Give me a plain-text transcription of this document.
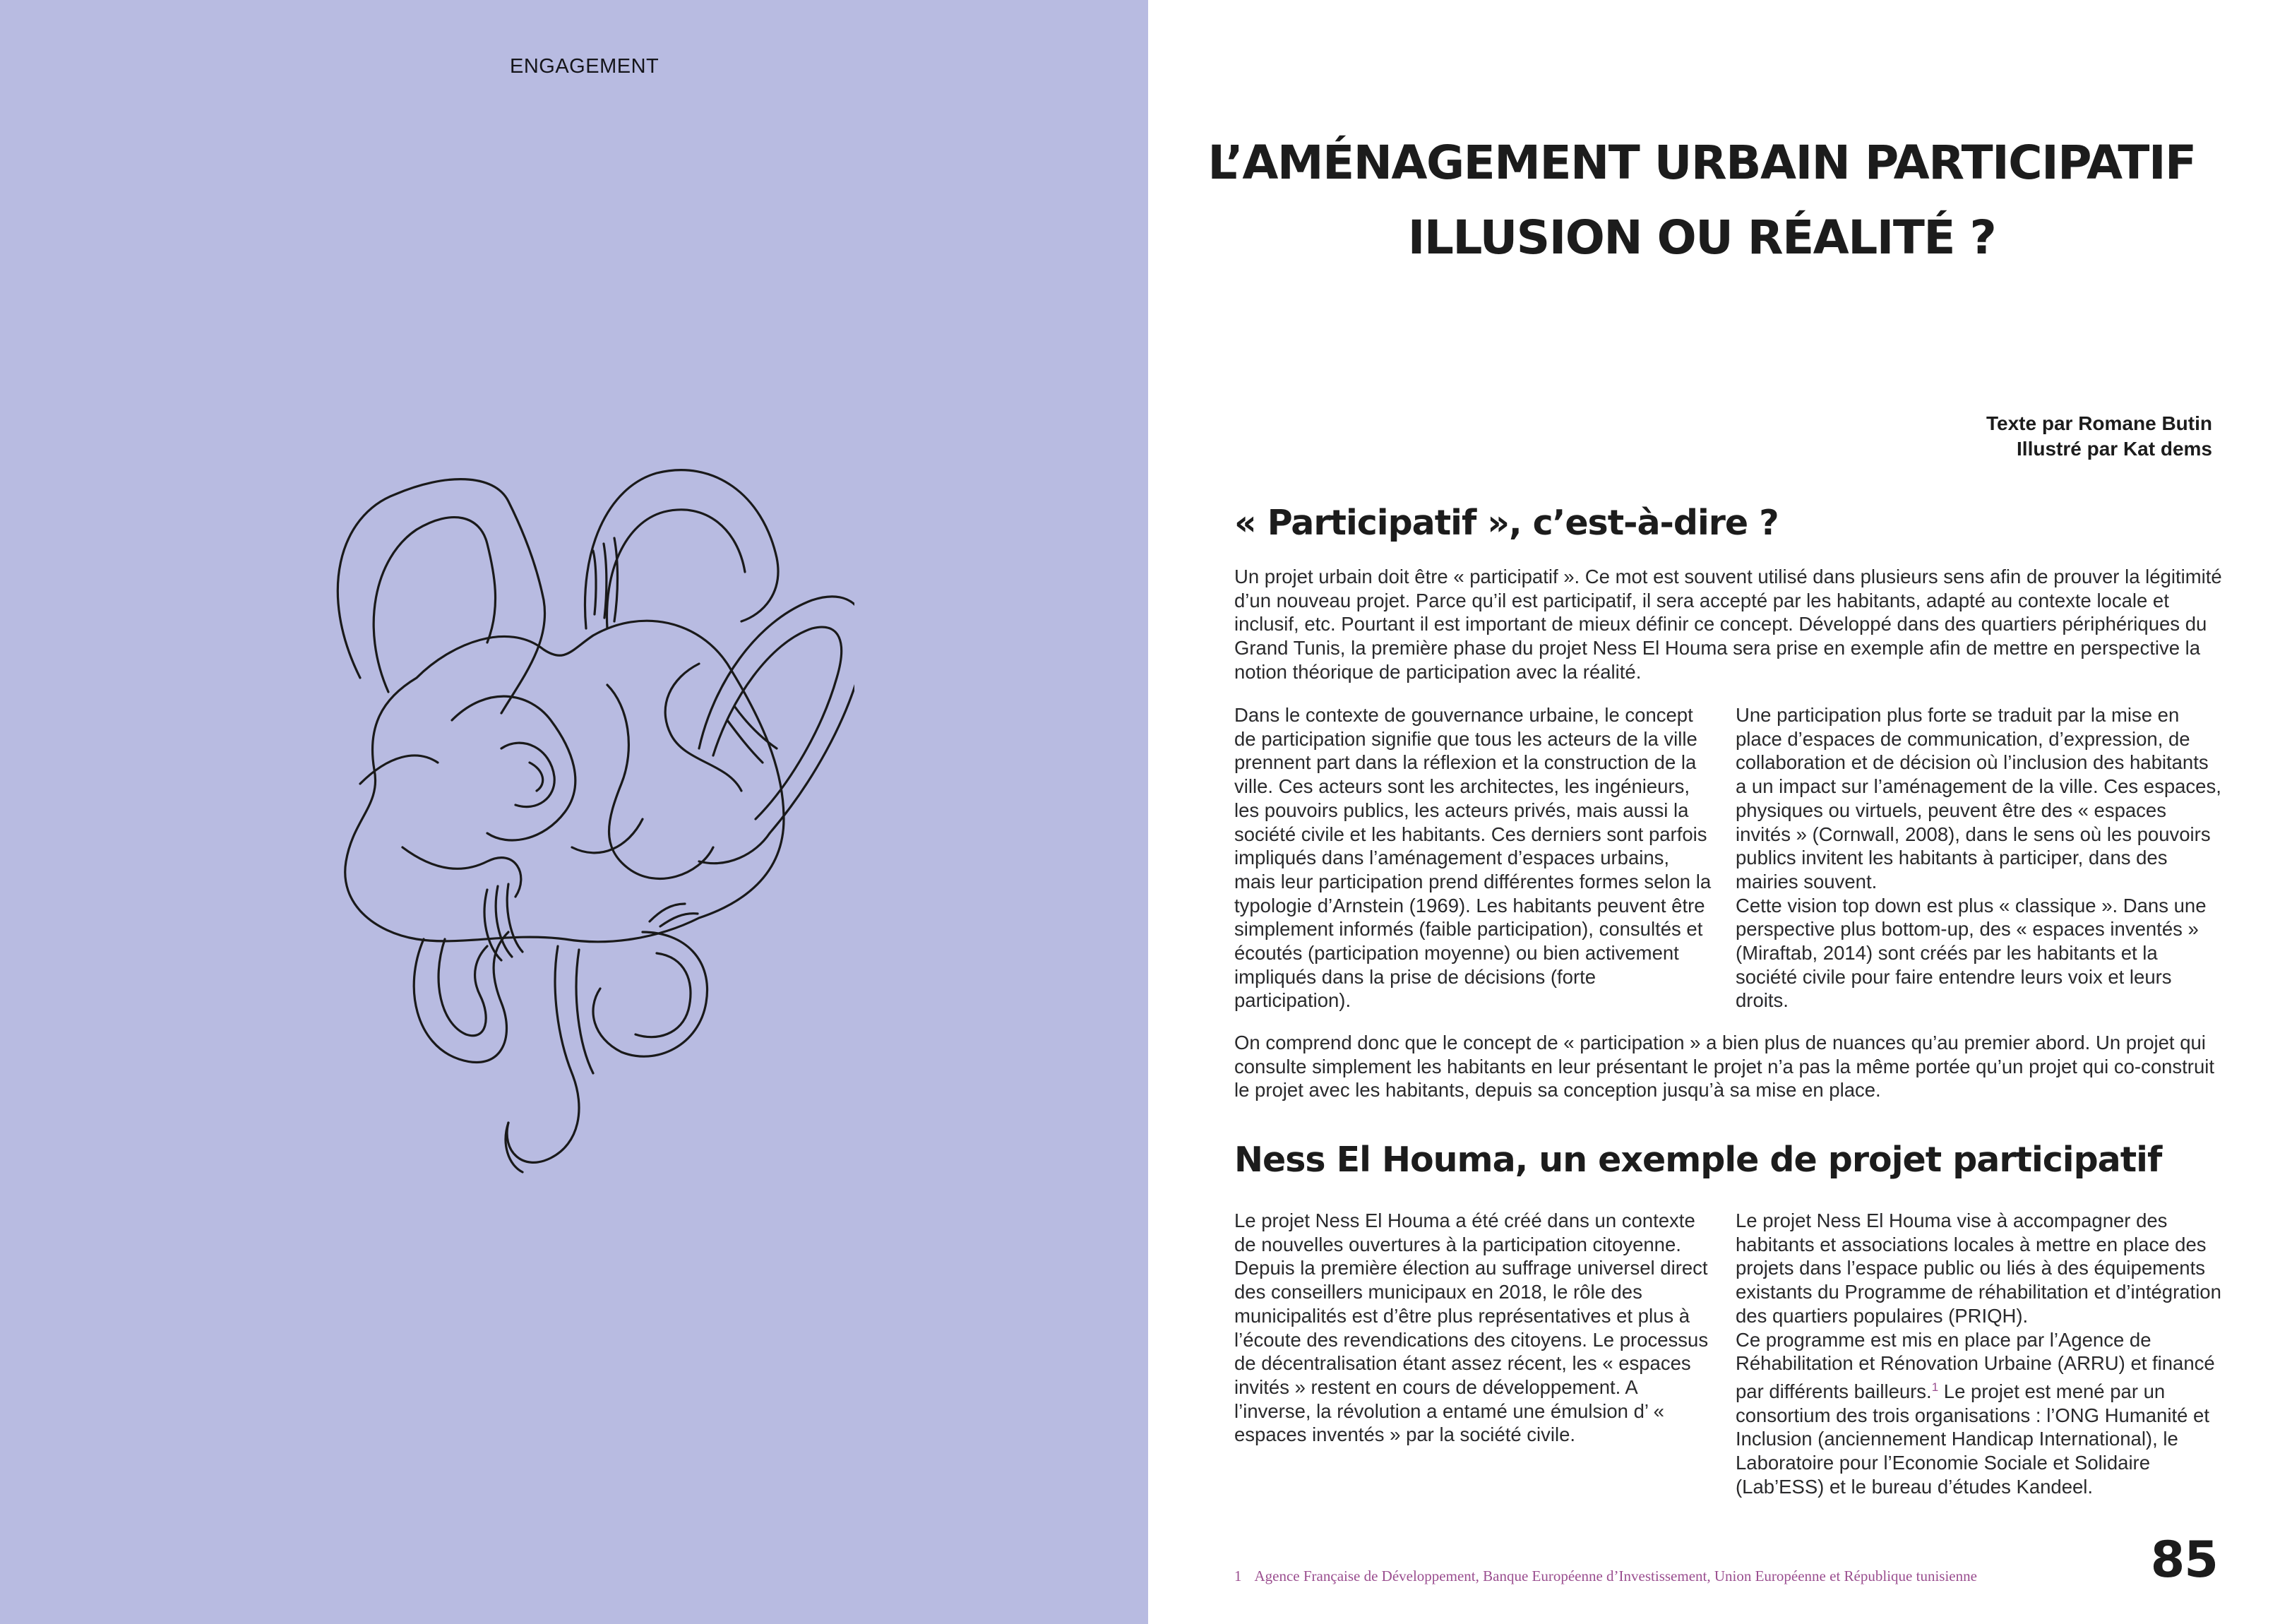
ENGAGEMENT
L’AMÉNAGEMENT URBAIN PARTICIPATIF
ILLUSION OU RÉALITÉ ?
Texte par Romane Butin
Illustré par Kat dems
« Participatif », c’est-à-dire ?

Un projet urbain doit être « participatif ». Ce mot est souvent utilisé dans plusieurs sens afin de prouver la légitimité d’un nouveau projet. Parce qu’il est participatif, il sera accepté par les habitants, adapté au contexte locale et inclusif, etc. Pourtant il est important de mieux définir ce concept. Développé dans des quartiers périphériques du Grand Tunis, la première phase du projet Ness El Houma sera prise en exemple afin de mettre en perspective la notion théorique de participation avec la réalité.

Dans le contexte de gouvernance urbaine, le concept de participation signifie que tous les acteurs de la ville prennent part dans la réflexion et la construction de la ville. Ces acteurs sont les architectes, les ingénieurs, les pouvoirs publics, les acteurs privés, mais aussi la société civile et les habitants. Ces derniers sont parfois impliqués dans l’aménagement d’espaces urbains, mais leur participation prend différentes formes selon la typologie d’Arnstein (1969). Les habitants peuvent être simplement informés (faible participation), consultés et écoutés (participation moyenne) ou bien activement impliqués dans la prise de décisions (forte participation).

Une participation plus forte se traduit par la mise en place d’espaces de communication, d’expression, de collaboration et de décision où l’inclusion des habitants a un impact sur l’aménagement de la ville. Ces espaces, physiques ou virtuels, peuvent être des « espaces invités » (Cornwall, 2008), dans le sens où les pouvoirs publics invitent les habitants à participer, dans des mairies souvent.
Cette vision top down est plus « classique ». Dans une perspective plus bottom-up, des « espaces inventés » (Miraftab, 2014) sont créés par les habitants et la société civile pour faire entendre leurs voix et leurs droits.

On comprend donc que le concept de « participation » a bien plus de nuances qu’au premier abord. Un projet qui consulte simplement les habitants en leur présentant le projet n’a pas la même portée qu’un projet qui co-construit le projet avec les habitants, depuis sa conception jusqu’à sa mise en place.

Ness El Houma, un exemple de projet participatif

Le projet Ness El Houma a été créé dans un contexte de nouvelles ouvertures à la participation citoyenne. Depuis la première élection au suffrage universel direct des conseillers municipaux en 2018, le rôle des municipalités est d’être plus représentatives et plus à l’écoute des revendications des citoyens. Le processus de décentralisation étant assez récent, les « espaces invités » restent en cours de développement. A l’inverse, la révolution a entamé une émulsion d’ « espaces inventés » par la société civile.

Le projet Ness El Houma vise à accompagner des habitants et associations locales à mettre en place des projets dans l’espace public ou liés à des équipements existants du Programme de réhabilitation et d’intégration des quartiers populaires (PRIQH).
Ce programme est mis en place par l’Agence de Réhabilitation et Rénovation Urbaine (ARRU) et financé par différents bailleurs.$^1$ Le projet est mené par un consortium des trois organisations : l’ONG Humanité et Inclusion (anciennement Handicap International), le Laboratoire pour l’Economie Sociale et Solidaire (Lab’ESS) et le bureau d’études Kandeel.
1 Agence Française de Développement, Banque Européenne d’Investissement, Union Européenne et République tunisienne	85
